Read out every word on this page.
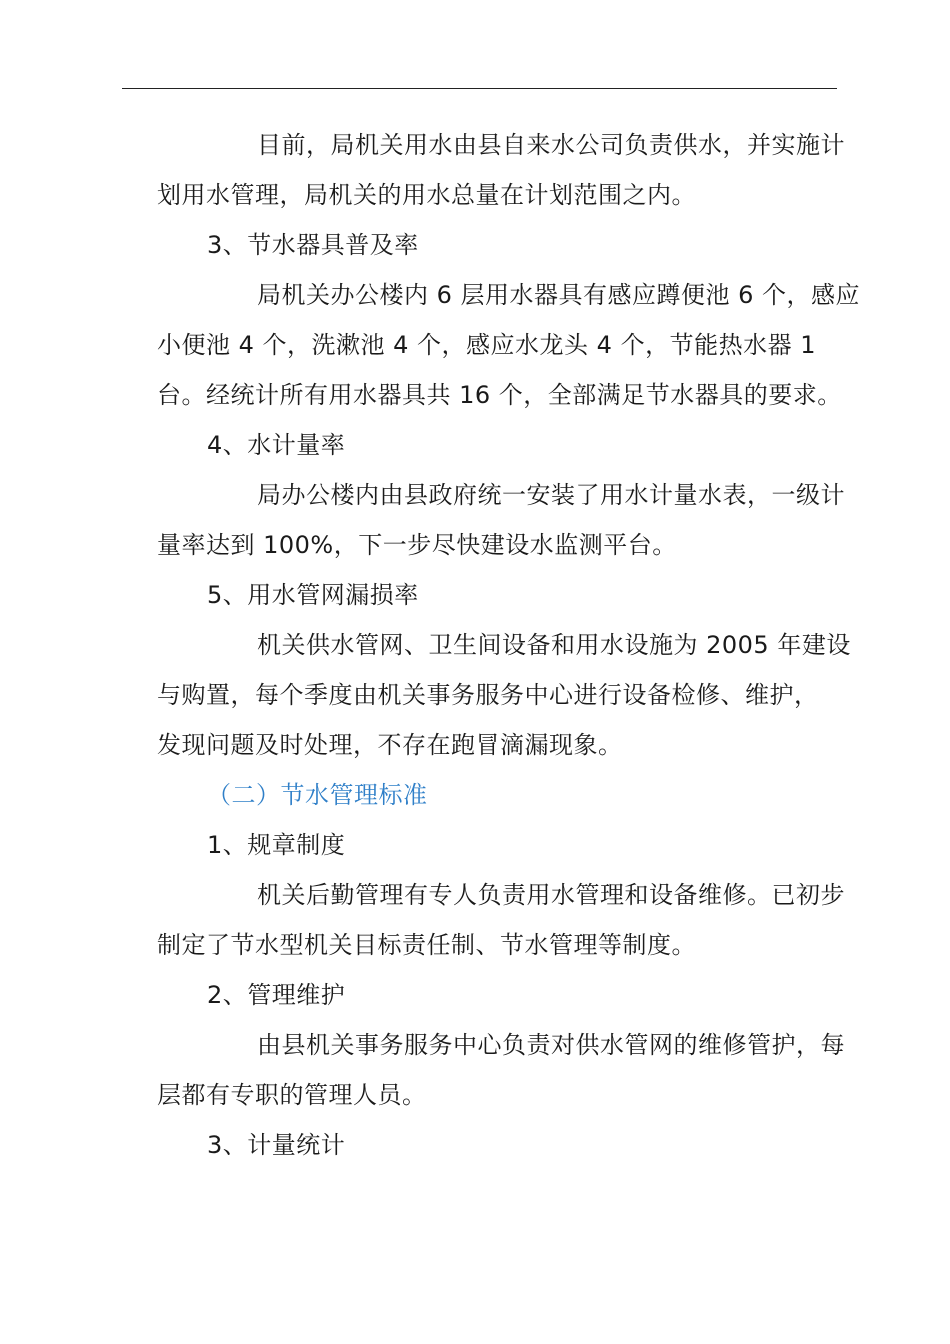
目前，局机关用水由县自来水公司负责供水，并实施计
划用水管理，局机关的用水总量在计划范围之内。
3、节水器具普及率
局机关办公楼内 6 层用水器具有感应蹲便池 6 个，感应
小便池 4 个，洗漱池 4 个，感应水龙头 4 个，节能热水器 1
台。经统计所有用水器具共 16 个，全部满足节水器具的要求。
4、水计量率
局办公楼内由县政府统一安装了用水计量水表，一级计
量率达到 100%，下一步尽快建设水监测平台。
5、用水管网漏损率
机关供水管网、卫生间设备和用水设施为 2005 年建设
与购置，每个季度由机关事务服务中心进行设备检修、维护，
发现问题及时处理，不存在跑冒滴漏现象。
（二）节水管理标准
1、规章制度
机关后勤管理有专人负责用水管理和设备维修。已初步
制定了节水型机关目标责任制、节水管理等制度。
2、管理维护
由县机关事务服务中心负责对供水管网的维修管护，每
层都有专职的管理人员。
3、计量统计
